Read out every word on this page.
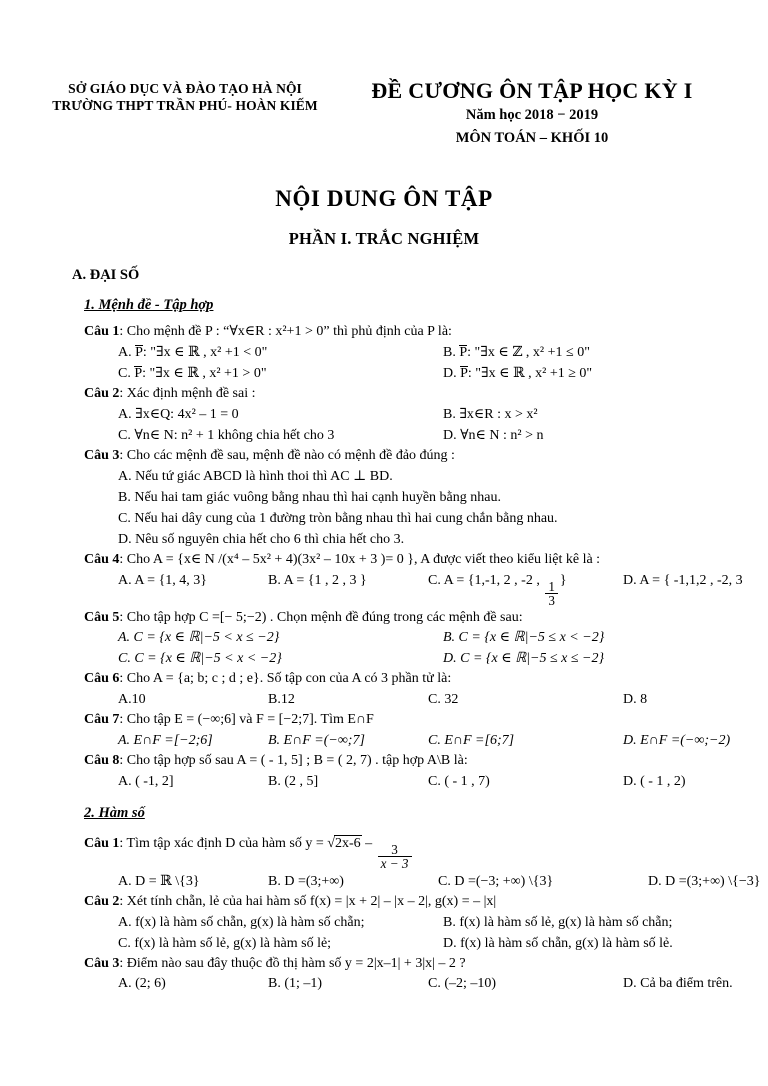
SỞ GIÁO DỤC VÀ ĐÀO TẠO HÀ NỘI
TRƯỜNG THPT TRẦN PHÚ- HOÀN KIẾM
ĐỀ CƯƠNG ÔN TẬP HỌC KỲ I
Năm học 2018 − 2019
MÔN TOÁN – KHỐI 10
NỘI DUNG ÔN TẬP
PHẦN I. TRẮC NGHIỆM
A. ĐẠI SỐ
1. Mệnh đề - Tập hợp
Câu 1: Cho mệnh đề P : “∀x∈R : x²+1 > 0” thì phủ định của P là:
A. P: "∃x ∈ ℝ , x² +1 < 0"	B. P: "∃x ∈ ℤ , x² +1 ≤ 0"
C. P: "∃x ∈ ℝ , x² +1 > 0"	D. P: "∃x ∈ ℝ , x² +1 ≥ 0"
Câu 2: Xác định mệnh đề sai :
A. ∃x∈Q: 4x² – 1 = 0	B. ∃x∈R : x > x²
C. ∀n∈ N: n² + 1 không chia hết cho 3	D. ∀n∈ N : n² > n
Câu 3: Cho các mệnh đề sau, mệnh đề nào có mệnh đề đảo đúng :
A. Nếu tứ giác ABCD là hình thoi thì AC ⊥ BD.
B. Nếu hai tam giác vuông bằng nhau thì hai cạnh huyền bằng nhau.
C. Nếu hai dây cung của 1 đường tròn bằng nhau thì hai cung chắn bằng nhau.
D. Nêu số nguyên chia hết cho 6 thì chia hết cho 3.
Câu 4: Cho A = {x∈ N /(x⁴ – 5x² + 4)(3x² – 10x + 3 )= 0 }, A được viết theo kiểu liệt kê là :
A. A = {1, 4, 3}	B. A = {1 , 2 , 3 }	C. A = {1,-1, 2 , -2 , $\frac{1}{3}$ }	D. A = { -1,1,2 , -2, 3
Câu 5: Cho tập hợp C =[− 5;−2) . Chọn mệnh đề đúng trong các mệnh đề sau:
A. C = {x ∈ ℝ|−5 < x ≤ −2}	B. C = {x ∈ ℝ|−5 ≤ x < −2}
C. C = {x ∈ ℝ|−5 < x < −2}	D. C = {x ∈ ℝ|−5 ≤ x ≤ −2}
Câu 6: Cho A = {a; b; c ; d ; e}. Số tập con của A có 3 phần tử là:
A.10	B.12	C. 32	D. 8
Câu 7: Cho tập E = (−∞;6] và F = [−2;7]. Tìm E∩F
A. E∩F =[−2;6]	B. E∩F =(−∞;7]	C. E∩F =[6;7]	D. E∩F =(−∞;−2)
Câu 8: Cho tập hợp số sau A = ( - 1, 5] ; B = ( 2, 7) . tập hợp A\B là:
A. ( -1, 2]	B. (2 , 5]	C. ( - 1 , 7)	D. ( - 1 , 2)
2. Hàm số
Câu 1: Tìm tập xác định D của hàm số $y = √2x-6 - \frac{3}{x - 3}$
A. D = ℝ \{3}	B. D =(3;+∞)	C. D =(−3; +∞) \{3}	D. D =(3;+∞) \{−3}
Câu 2: Xét tính chẵn, lẻ của hai hàm số f(x) = |x + 2| – |x – 2|, g(x) = – |x|
A. f(x) là hàm số chẵn, g(x) là hàm số chẵn;	B. f(x) là hàm số lẻ, g(x) là hàm số chẵn;
C. f(x) là hàm số lẻ, g(x) là hàm số lẻ;	D. f(x) là hàm số chẵn, g(x) là hàm số lẻ.
Câu 3: Điểm nào sau đây thuộc đồ thị hàm số y = 2|x–1| + 3|x| – 2 ?
A. (2; 6)	B. (1; –1)	C. (–2; –10)	D. Cả ba điểm trên.
